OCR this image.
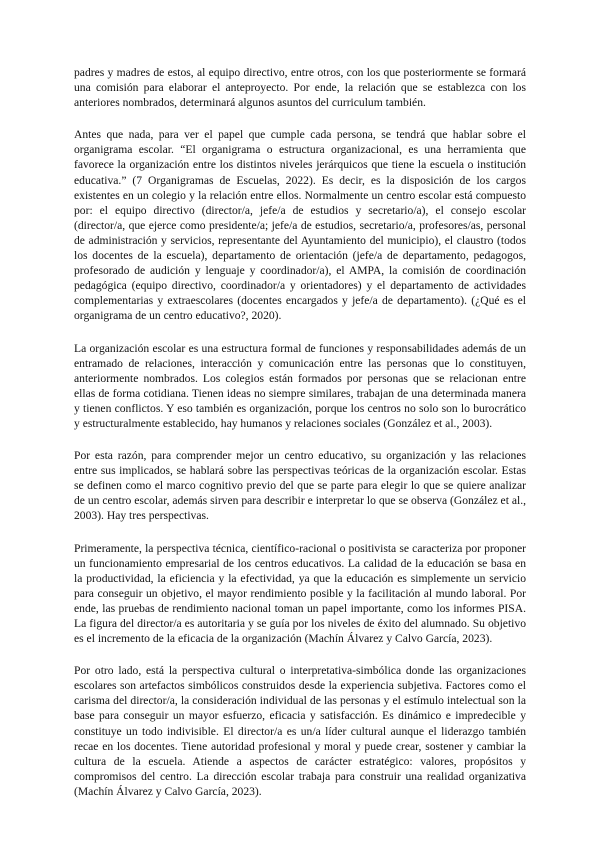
padres y madres de estos, al equipo directivo, entre otros, con los que posteriormente se formará una comisión para elaborar el anteproyecto. Por ende, la relación que se establezca con los anteriores nombrados, determinará algunos asuntos del curriculum también.

Antes que nada, para ver el papel que cumple cada persona, se tendrá que hablar sobre el organigrama escolar. “El organigrama o estructura organizacional, es una herramienta que favorece la organización entre los distintos niveles jerárquicos que tiene la escuela o institución educativa.” (7 Organigramas de Escuelas, 2022). Es decir, es la disposición de los cargos existentes en un colegio y la relación entre ellos. Normalmente un centro escolar está compuesto por: el equipo directivo (director/a, jefe/a de estudios y secretario/a), el consejo escolar (director/a, que ejerce como presidente/a; jefe/a de estudios, secretario/a, profesores/as, personal de administración y servicios, representante del Ayuntamiento del municipio), el claustro (todos los docentes de la escuela), departamento de orientación (jefe/a de departamento, pedagogos, profesorado de audición y lenguaje y coordinador/a), el AMPA, la comisión de coordinación pedagógica (equipo directivo, coordinador/a y orientadores) y el departamento de actividades complementarias y extraescolares (docentes encargados y jefe/a de departamento). (¿Qué es el organigrama de un centro educativo?, 2020).

La organización escolar es una estructura formal de funciones y responsabilidades además de un entramado de relaciones, interacción y comunicación entre las personas que lo constituyen, anteriormente nombrados. Los colegios están formados por personas que se relacionan entre ellas de forma cotidiana. Tienen ideas no siempre similares, trabajan de una determinada manera y tienen conflictos. Y eso también es organización, porque los centros no solo son lo burocrático y estructuralmente establecido, hay humanos y relaciones sociales (González et al., 2003).

Por esta razón, para comprender mejor un centro educativo, su organización y las relaciones entre sus implicados, se hablará sobre las perspectivas teóricas de la organización escolar. Estas se definen como el marco cognitivo previo del que se parte para elegir lo que se quiere analizar de un centro escolar, además sirven para describir e interpretar lo que se observa (González et al., 2003). Hay tres perspectivas.

Primeramente, la perspectiva técnica, científico-racional o positivista se caracteriza por proponer un funcionamiento empresarial de los centros educativos. La calidad de la educación se basa en la productividad, la eficiencia y la efectividad, ya que la educación es simplemente un servicio para conseguir un objetivo, el mayor rendimiento posible y la facilitación al mundo laboral. Por ende, las pruebas de rendimiento nacional toman un papel importante, como los informes PISA. La figura del director/a es autoritaria y se guía por los niveles de éxito del alumnado. Su objetivo es el incremento de la eficacia de la organización (Machín Álvarez y Calvo García, 2023).

Por otro lado, está la perspectiva cultural o interpretativa-simbólica donde las organizaciones escolares son artefactos simbólicos construidos desde la experiencia subjetiva. Factores como el carisma del director/a, la consideración individual de las personas y el estímulo intelectual son la base para conseguir un mayor esfuerzo, eficacia y satisfacción. Es dinámico e impredecible y constituye un todo indivisible. El director/a es un/a líder cultural aunque el liderazgo también recae en los docentes. Tiene autoridad profesional y moral y puede crear, sostener y cambiar la cultura de la escuela. Atiende a aspectos de carácter estratégico: valores, propósitos y compromisos del centro. La dirección escolar trabaja para construir una realidad organizativa (Machín Álvarez y Calvo García, 2023).
